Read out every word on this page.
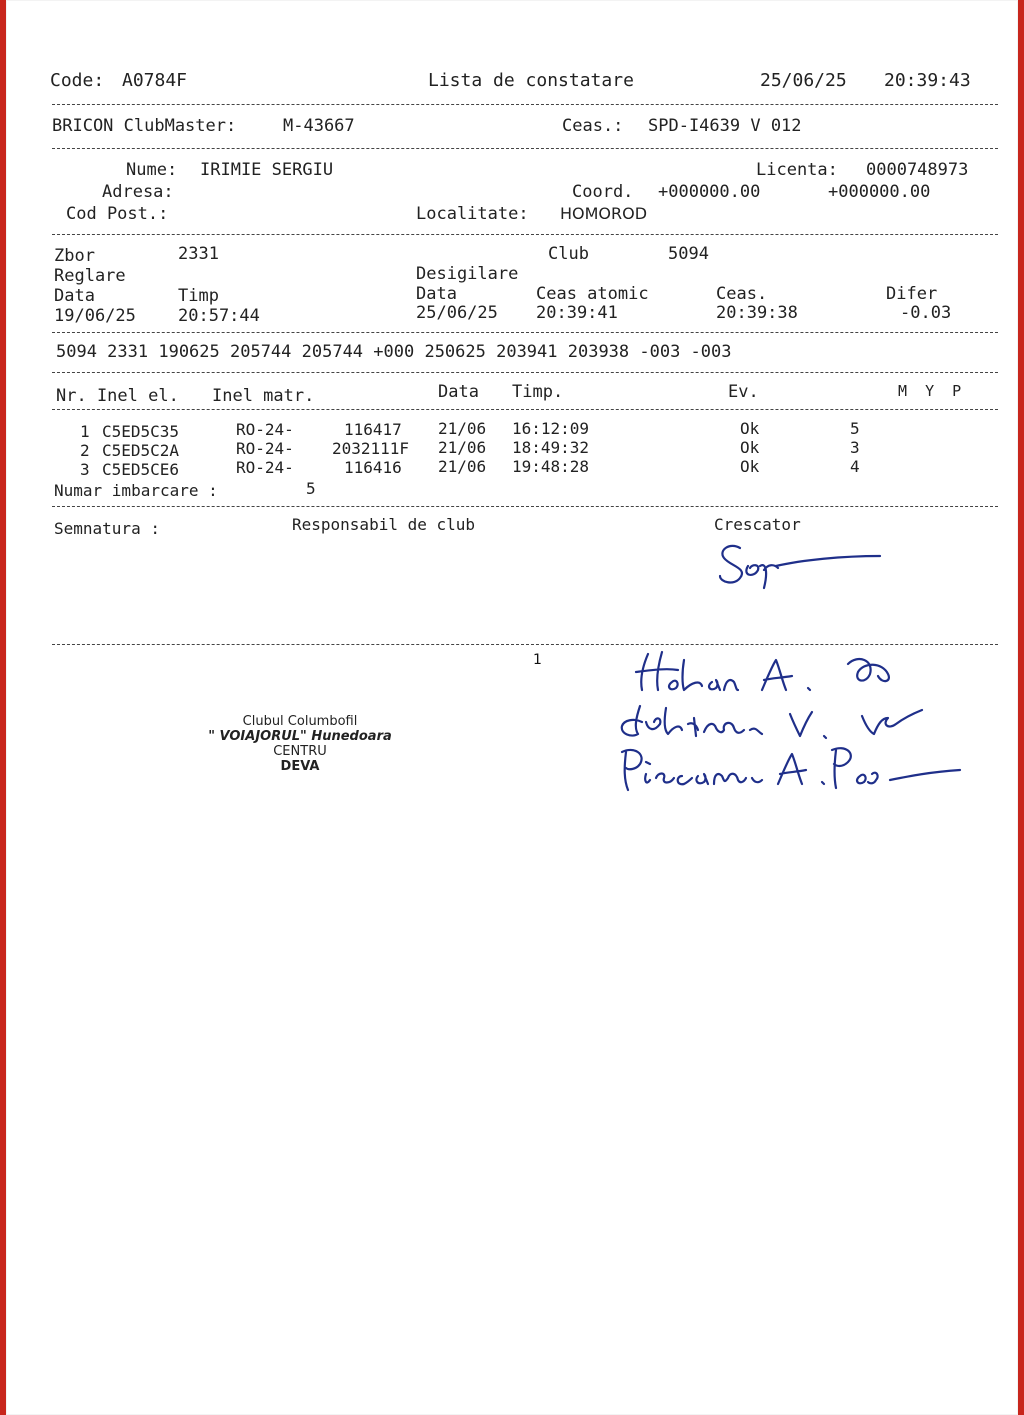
Code: A0784F	Lista de constatare	25/06/25 20:39:43
BRICON ClubMaster:	M-43667	Ceas.: SPD-I4639 V 012
Nume: IRIMIE SERGIU	Licenta: 0000748973
Adresa:	Coord. +000000.00	+000000.00
Cod Post.:	Localitate: HOMOROD
Zbor	2331	Club	5094
Reglare	Desigilare
Data	Timp	Data	Ceas atomic	Ceas.	Difer
19/06/25 20:57:44	25/06/25 20:39:41	20:39:38	-0.03
5094 2331 190625 205744 205744 +000 250625 203941 203938 -003 -003
Nr. Inel el. Inel matr.	Data Timp.	Ev.	M  Y  P
1 C5ED5C35	RO-24-	116417 21/06 16:12:09	Ok	5
2 C5ED5C2A	RO-24- 2032111F 21/06 18:49:32	Ok	3
3 C5ED5CE6	RO-24-	116416 21/06 19:48:28	Ok	4
Numar imbarcare :	5
Semnatura :	Responsabil de club	Crescator
1
Clubul Columbofil
" VOIAJORUL" Hunedoara
CENTRU
DEVA
